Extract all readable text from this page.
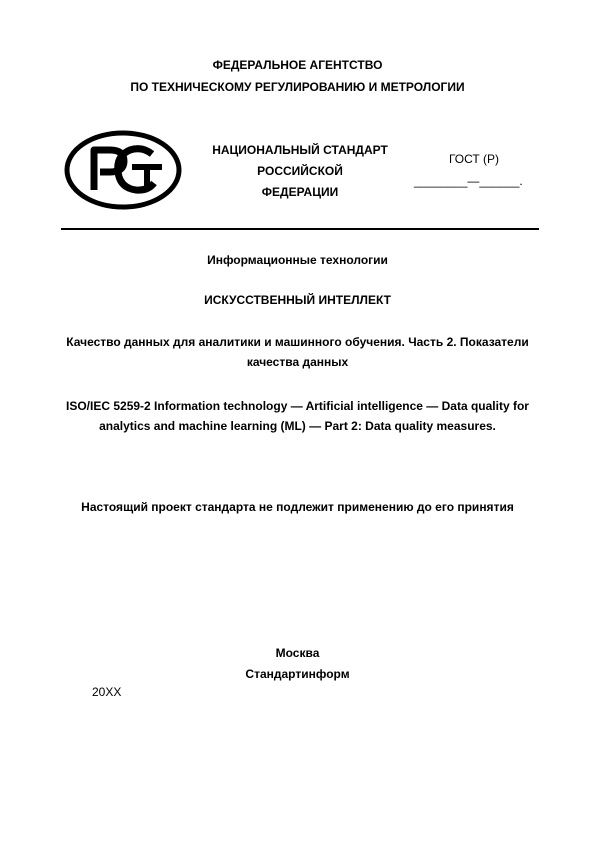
ФЕДЕРАЛЬНОЕ АГЕНТСТВО
ПО ТЕХНИЧЕСКОМУ РЕГУЛИРОВАНИЮ И МЕТРОЛОГИИ
НАЦИОНАЛЬНЫЙ СТАНДАРТ
РОССИЙСКОЙ
ФЕДЕРАЦИИ
ГОСТ (Р)
________—______.
Информационные технологии
ИСКУССТВЕННЫЙ ИНТЕЛЛЕКТ
Качество данных для аналитики и машинного обучения. Часть 2. Показатели
качества данных
ISO/IEC 5259-2 Information technology — Artificial intelligence — Data quality for
analytics and machine learning (ML) — Part 2: Data quality measures.
Настоящий проект стандарта не подлежит применению до его принятия
Москва
Стандартинформ
20XX
